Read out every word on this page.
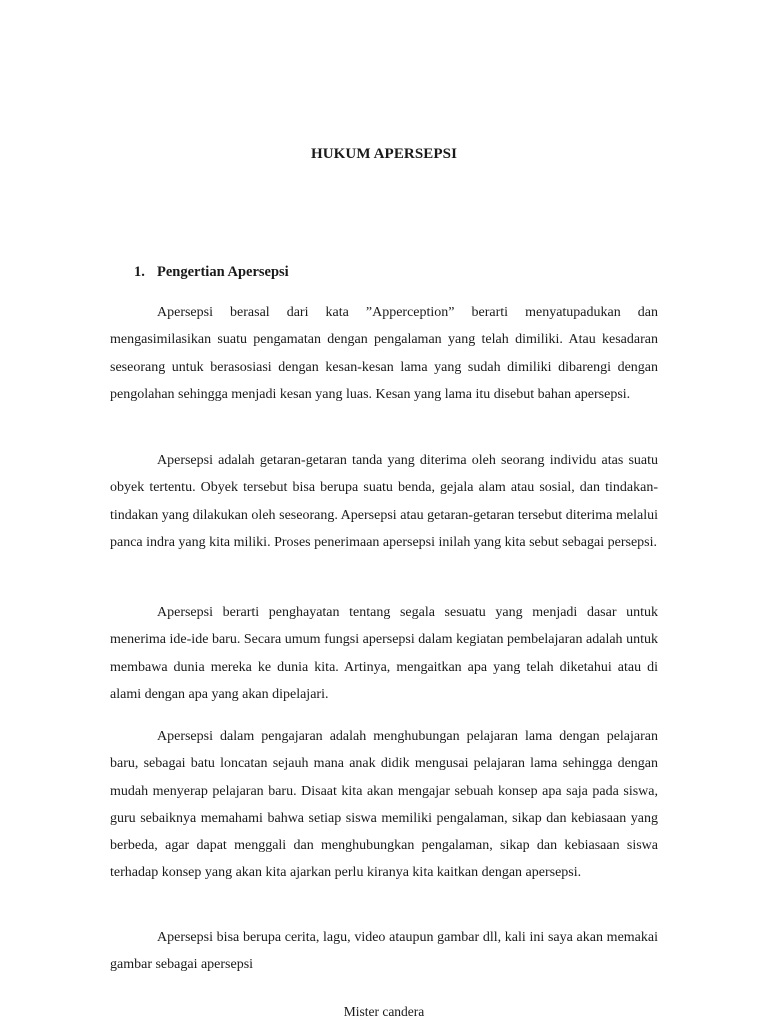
HUKUM APERSEPSI
1. Pengertian Apersepsi

Apersepsi berasal dari kata ”Apperception” berarti menyatupadukan dan mengasimilasikan suatu pengamatan dengan pengalaman yang telah dimiliki. Atau kesadaran seseorang untuk berasosiasi dengan kesan-kesan lama yang sudah dimiliki dibarengi dengan pengolahan sehingga menjadi kesan yang luas. Kesan yang lama itu disebut bahan apersepsi.

Apersepsi adalah getaran-getaran tanda yang diterima oleh seorang individu atas suatu obyek tertentu. Obyek tersebut bisa berupa suatu benda, gejala alam atau sosial, dan tindakan-tindakan yang dilakukan oleh seseorang. Apersepsi atau getaran-getaran tersebut diterima melalui panca indra yang kita miliki. Proses penerimaan apersepsi inilah yang kita sebut sebagai persepsi.

Apersepsi berarti penghayatan tentang segala sesuatu yang menjadi dasar untuk menerima ide-ide baru. Secara umum fungsi apersepsi dalam kegiatan pembelajaran adalah untuk membawa dunia mereka ke dunia kita. Artinya, mengaitkan apa yang telah diketahui atau di alami dengan apa yang akan dipelajari.

Apersepsi dalam pengajaran adalah menghubungan pelajaran lama dengan pelajaran baru, sebagai batu loncatan sejauh mana anak didik mengusai pelajaran lama sehingga dengan mudah menyerap pelajaran baru. Disaat kita akan mengajar sebuah konsep apa saja pada siswa, guru sebaiknya memahami bahwa setiap siswa memiliki pengalaman, sikap dan kebiasaan yang berbeda, agar dapat menggali dan menghubungkan pengalaman, sikap dan kebiasaan siswa terhadap konsep yang akan kita ajarkan perlu kiranya kita kaitkan dengan apersepsi.

Apersepsi bisa berupa cerita, lagu, video ataupun gambar dll, kali ini saya akan memakai gambar sebagai apersepsi

Mister candera
